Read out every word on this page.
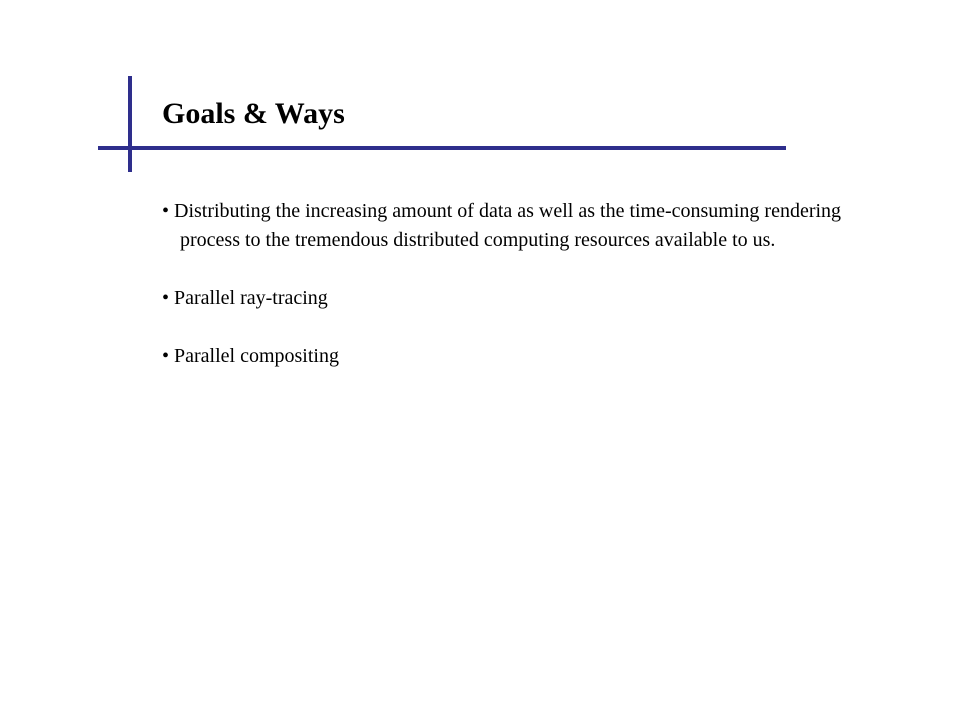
Goals & Ways
• Distributing the increasing amount of data as well as the time-consuming rendering process to the tremendous distributed computing resources available to us.
• Parallel ray-tracing
• Parallel compositing
